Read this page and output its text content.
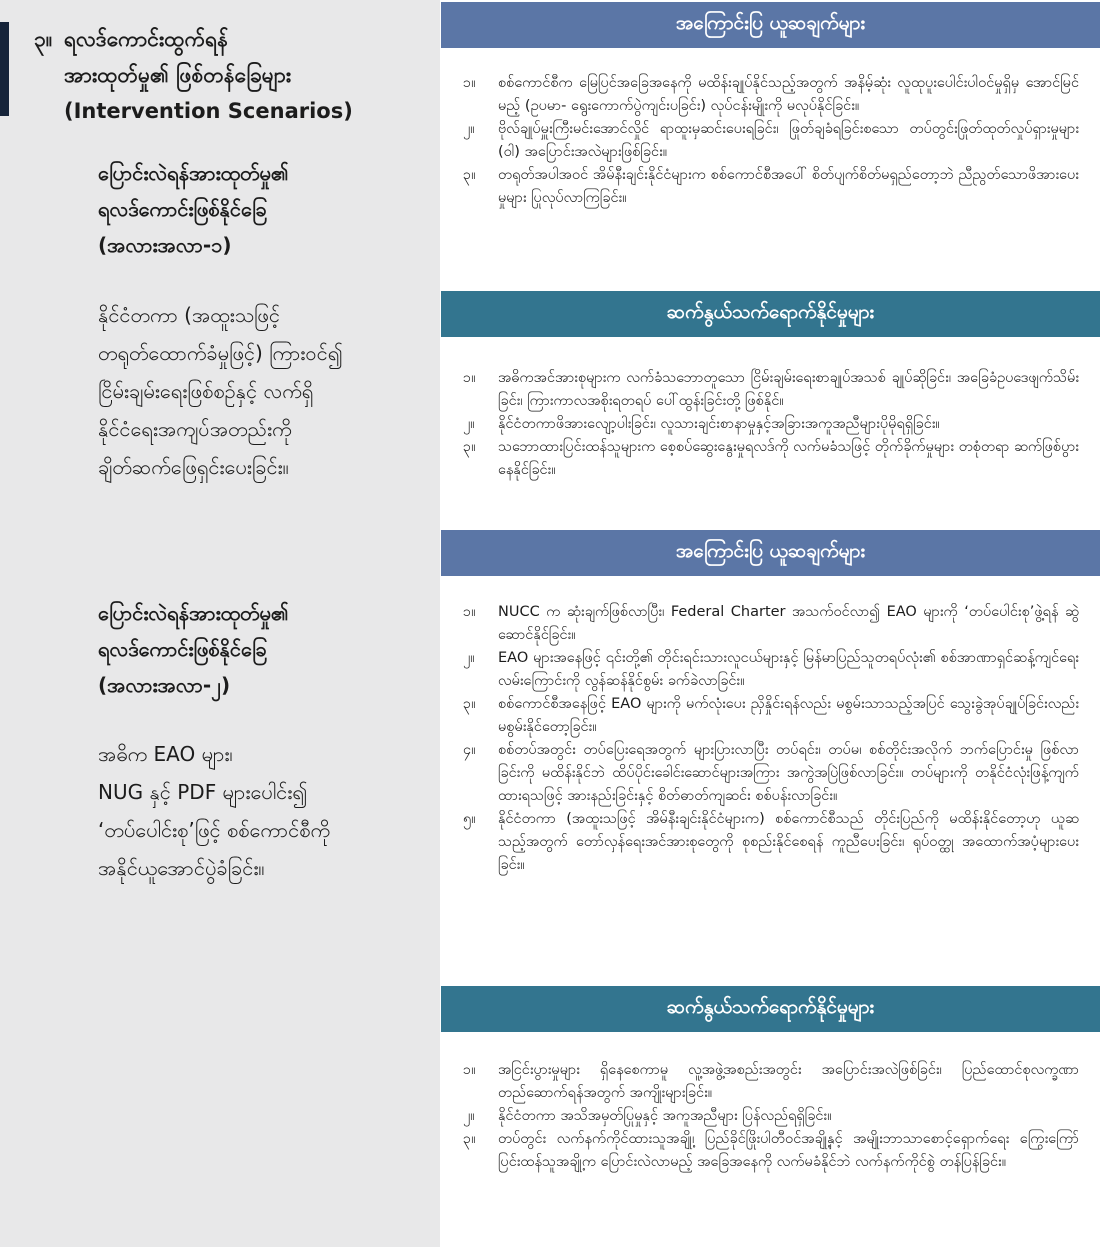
၃။ ရလဒ်ကောင်းထွက်ရန်
အားထုတ်မှု၏ ဖြစ်တန်ခြေများ
(Intervention Scenarios)
ပြောင်းလဲရန်အားထုတ်မှု၏
ရလဒ်ကောင်းဖြစ်နိုင်ခြေ
(အလားအလာ-၁)
နိုင်ငံတကာ (အထူးသဖြင့်
တရုတ်ထောက်ခံမှုဖြင့်) ကြားဝင်၍
ငြိမ်းချမ်းရေးဖြစ်စဉ်နှင့် လက်ရှိ
နိုင်ငံရေးအကျပ်အတည်းကို
ချိတ်ဆက်ဖြေရှင်းပေးခြင်း။
ပြောင်းလဲရန်အားထုတ်မှု၏
ရလဒ်ကောင်းဖြစ်နိုင်ခြေ
(အလားအလာ-၂)
အဓိက EAO များ၊
NUG နှင့် PDF များပေါင်း၍
‘တပ်ပေါင်းစု’ဖြင့် စစ်ကောင်စီကို
အနိုင်ယူအောင်ပွဲခံခြင်း။
အကြောင်းပြ ယူဆချက်များ
၁။ စစ်ကောင်စီက မြေပြင်အခြေအနေကို မထိန်းချုပ်နိုင်သည့်အတွက် အနိမ့်ဆုံး လူထုပူးပေါင်းပါဝင်မှုရှိမှ အောင်မြင်မည့် (ဥပမာ- ရွေးကောက်ပွဲကျင်းပခြင်း) လုပ်ငန်းမျိုးကို မလုပ်နိုင်ခြင်း။
၂။ ဗိုလ်ချုပ်မှူးကြီးမင်းအောင်လှိုင် ရာထူးမှဆင်းပေးရခြင်း၊ ဖြုတ်ချခံရခြင်းစသော တပ်တွင်းဖြုတ်ထုတ်လှုပ်ရှားမှုများ (ဝါ) အပြောင်းအလဲများဖြစ်ခြင်း။
၃။ တရုတ်အပါအဝင် အိမ်နီးချင်းနိုင်ငံများက စစ်ကောင်စီအပေါ် စိတ်ပျက်စိတ်မရှည်တော့ဘဲ ညီညွတ်သောဖိအားပေးမှုများ ပြုလုပ်လာကြခြင်း။
ဆက်နွယ်သက်ရောက်နိုင်မှုများ
၁။ အဓိကအင်အားစုများက လက်ခံသဘောတူသော ငြိမ်းချမ်းရေးစာချုပ်အသစ် ချုပ်ဆိုခြင်း၊ အခြေခံဥပဒေဖျက်သိမ်းခြင်း၊ ကြားကာလအစိုးရတရပ် ပေါ်ထွန်းခြင်းတို့ ဖြစ်နိုင်။
၂။ နိုင်ငံတကာဖိအားလျော့ပါးခြင်း၊ လူသားချင်းစာနာမှုနှင့်အခြားအကူအညီများပိုမိုရရှိခြင်း။
၃။ သဘောထားပြင်းထန်သူများက စေ့စပ်ဆွေးနွေးမှုရလဒ်ကို လက်မခံသဖြင့် တိုက်ခိုက်မှုများ တစုံတရာ ဆက်ဖြစ်ပွားနေနိုင်ခြင်း။
အကြောင်းပြ ယူဆချက်များ
၁။ NUCC က ဆုံးချက်ဖြစ်လာပြီး၊ Federal Charter အသက်ဝင်လာ၍ EAO များကို ‘တပ်ပေါင်းစု’ဖွဲ့ရန် ဆွဲဆောင်နိုင်ခြင်း။
၂။ EAO များအနေဖြင့် ၎င်းတို့၏ တိုင်းရင်းသားလူငယ်များနှင့် မြန်မာပြည်သူတရပ်လုံး၏ စစ်အာဏာရှင်ဆန့်ကျင်ရေး လမ်းကြောင်းကို လွန်ဆန်နိုင်စွမ်း ခက်ခဲလာခြင်း။
၃။ စစ်ကောင်စီအနေဖြင့် EAO များကို မက်လုံးပေး ညှိနှိုင်းရန်လည်း မစွမ်းသာသည့်အပြင် သွေးခွဲအုပ်ချုပ်ခြင်းလည်း မစွမ်းနိုင်တော့ခြင်း။
၄။ စစ်တပ်အတွင်း တပ်ပြေးရေအတွက် များပြားလာပြီး တပ်ရင်း၊ တပ်မ၊ စစ်တိုင်းအလိုက် ဘက်ပြောင်းမှု ဖြစ်လာခြင်းကို မထိန်းနိုင်ဘဲ ထိပ်ပိုင်းခေါင်းဆောင်များအကြား အကွဲအပြဲဖြစ်လာခြင်း။ တပ်များကို တနိုင်ငံလုံးဖြန့်ကျက်ထားရသဖြင့် အားနည်းခြင်းနှင့် စိတ်ဓာတ်ကျဆင်း စစ်ပန်းလာခြင်း။
၅။ နိုင်ငံတကာ (အထူးသဖြင့် အိမ်နီးချင်းနိုင်ငံများက) စစ်ကောင်စီသည် တိုင်းပြည်ကို မထိန်းနိုင်တော့ဟု ယူဆသည့်အတွက် တော်လှန်ရေးအင်အားစုတွေကို စုစည်းနိုင်စေရန် ကူညီပေးခြင်း၊ ရုပ်ဝတ္ထု အထောက်အပံ့များပေးခြင်း။
ဆက်နွယ်သက်ရောက်နိုင်မှုများ
၁။ အငြင်းပွားမှုများ ရှိနေစေကာမူ လူ့အဖွဲ့အစည်းအတွင်း အပြောင်းအလဲဖြစ်ခြင်း၊ ပြည်ထောင်စုလက္ခဏာ တည်ဆောက်ရန်အတွက် အကျိုးများခြင်း။
၂။ နိုင်ငံတကာ အသိအမှတ်ပြုမှုနှင့် အကူအညီများ ပြန်လည်ရရှိခြင်း။
၃။ တပ်တွင်း လက်နက်ကိုင်ထားသူအချို့၊ ပြည်ခိုင်ဖြိုးပါတီဝင်အချို့နှင့် အမျိုးဘာသာစောင့်ရှောက်ရေး ကြွေးကြော်ပြင်းထန်သူအချို့က ပြောင်းလဲလာမည့် အခြေအနေကို လက်မခံနိုင်ဘဲ လက်နက်ကိုင်စွဲ တန်ပြန်ခြင်း။
